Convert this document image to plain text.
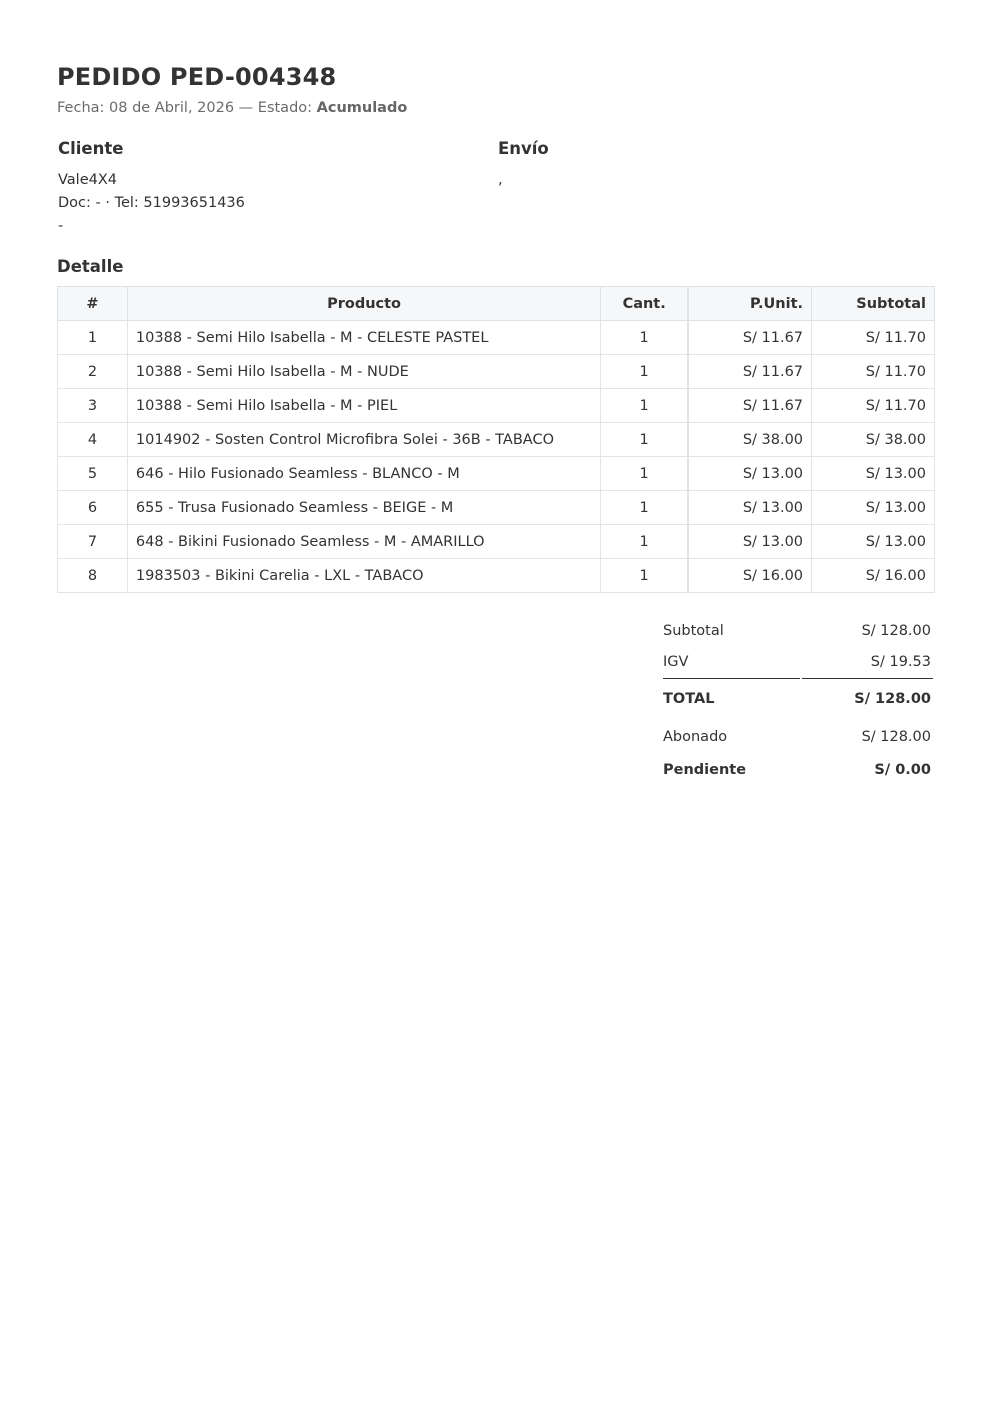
PEDIDO PED-004348
Fecha: 08 de Abril, 2026 — Estado: Acumulado
Cliente
Vale4X4
Doc: - · Tel: 51993651436
-
Envío
,
Detalle
#	Producto	Cant.	P.Unit.	Subtotal
1	10388 - Semi Hilo Isabella - M - CELESTE PASTEL	1	S/ 11.67	S/ 11.70
2	10388 - Semi Hilo Isabella - M - NUDE	1	S/ 11.67	S/ 11.70
3	10388 - Semi Hilo Isabella - M - PIEL	1	S/ 11.67	S/ 11.70
4	1014902 - Sosten Control Microfibra Solei - 36B - TABACO	1	S/ 38.00	S/ 38.00
5	646 - Hilo Fusionado Seamless - BLANCO - M	1	S/ 13.00	S/ 13.00
6	655 - Trusa Fusionado Seamless - BEIGE - M	1	S/ 13.00	S/ 13.00
7	648 - Bikini Fusionado Seamless - M - AMARILLO	1	S/ 13.00	S/ 13.00
8	1983503 - Bikini Carelia - LXL - TABACO	1	S/ 16.00	S/ 16.00
Subtotal	S/ 128.00
IGV	S/ 19.53
TOTAL	S/ 128.00
Abonado	S/ 128.00
Pendiente	S/ 0.00
